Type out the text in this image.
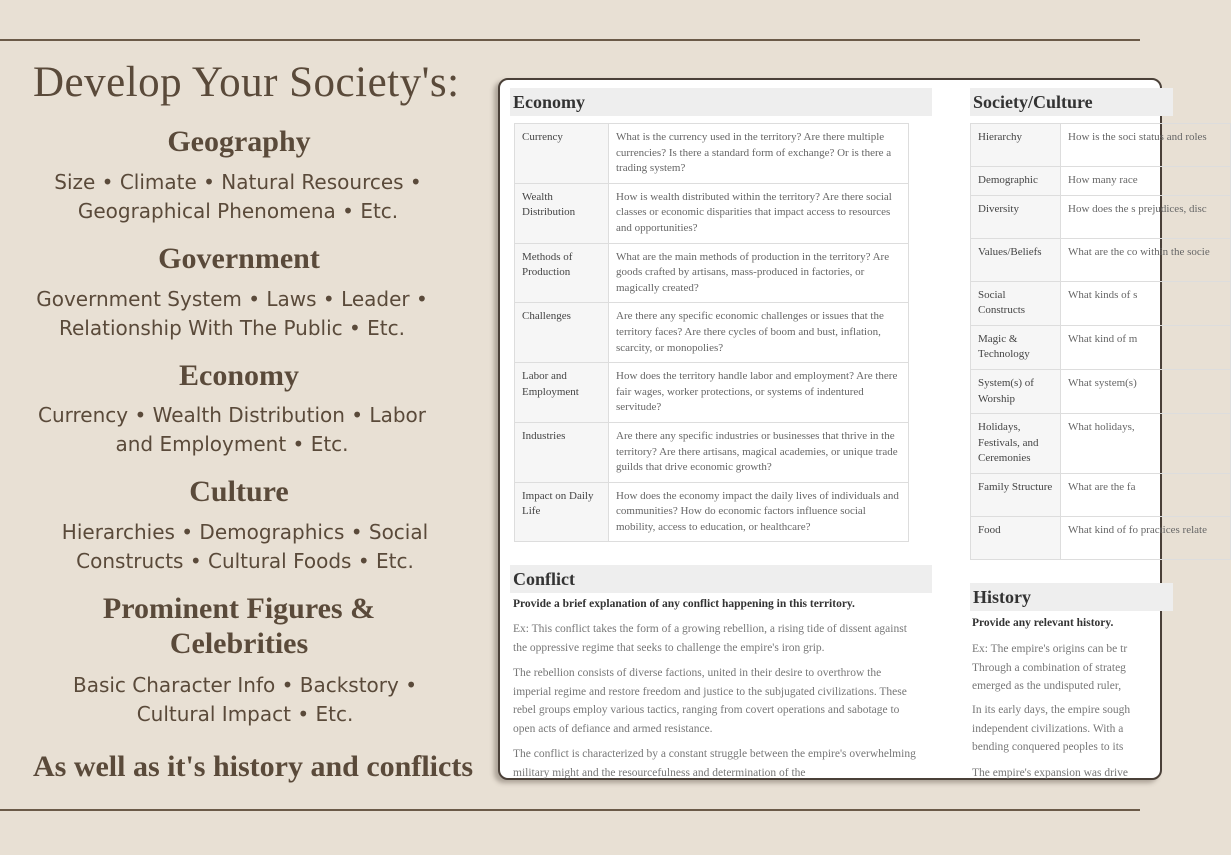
Develop Your Society's:
Geography
Size • Climate • Natural Resources •
Geographical Phenomena • Etc.
Government
Government System • Laws • Leader •
Relationship With The Public • Etc.
Economy
Currency • Wealth Distribution • Labor
and Employment • Etc.
Culture
Hierarchies • Demographics • Social
Constructs • Cultural Foods • Etc.
Prominent Figures &
Celebrities
Basic Character Info • Backstory •
Cultural Impact • Etc.
As well as it's history and conflicts
Economy
Currency	What is the currency used in the territory? Are there multiple currencies? Is there a standard form of exchange? Or is there a trading system?
Wealth Distribution	How is wealth distributed within the territory? Are there social classes or economic disparities that impact access to resources and opportunities?
Methods of Production	What are the main methods of production in the territory? Are goods crafted by artisans, mass-produced in factories, or magically created?
Challenges	Are there any specific economic challenges or issues that the territory faces? Are there cycles of boom and bust, inflation, scarcity, or monopolies?
Labor and Employment	How does the territory handle labor and employment? Are there fair wages, worker protections, or systems of indentured servitude?
Industries	Are there any specific industries or businesses that thrive in the territory? Are there artisans, magical academies, or unique trade guilds that drive economic growth?
Impact on Daily Life	How does the economy impact the daily lives of individuals and communities? How do economic factors influence social mobility, access to education, or healthcare?
Conflict
Provide a brief explanation of any conflict happening in this territory.
Ex: This conflict takes the form of a growing rebellion, a rising tide of dissent against the oppressive regime that seeks to challenge the empire's iron grip.
The rebellion consists of diverse factions, united in their desire to overthrow the imperial regime and restore freedom and justice to the subjugated civilizations. These rebel groups employ various tactics, ranging from covert operations and sabotage to open acts of defiance and armed resistance.
The conflict is characterized by a constant struggle between the empire's overwhelming military might and the resourcefulness and determination of the
Society/Culture
Hierarchy	How is the soci status and roles
Demographic	How many race
Diversity	How does the s prejudices, disc
Values/Beliefs	What are the co within the socie
Social Constructs	What kinds of s
Magic & Technology	What kind of m
System(s) of Worship	What system(s)
Holidays, Festivals, and Ceremonies	What holidays,
Family Structure	What are the fa
Food	What kind of fo practices relate
History
Provide any relevant history.
Ex: The empire's origins can be tr Through a combination of strateg emerged as the undisputed ruler,
In its early days, the empire sough independent civilizations. With a bending conquered peoples to its
The empire's expansion was drive
